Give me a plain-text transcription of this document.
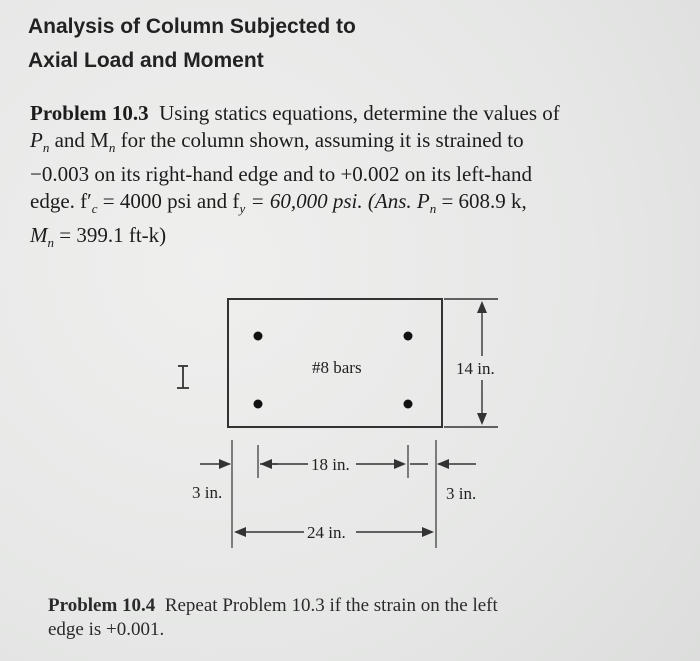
Analysis of Column Subjected to
Axial Load and Moment
Problem 10.3 Using statics equations, determine the values of
$P_n$ and $M_n$ for the column shown, assuming it is strained to
−0.003 on its right-hand edge and to +0.002 on its left-hand
edge. $f'_c = 4000$ psi and $f_y = 60,000$ psi. (Ans. $P_n = 608.9$ k,
$M_n = 399.1$ ft-k)
#8 bars	14 in.
18 in.
3 in.	3 in.
24 in.
Problem 10.4 Repeat Problem 10.3 if the strain on the left
edge is +0.001.
